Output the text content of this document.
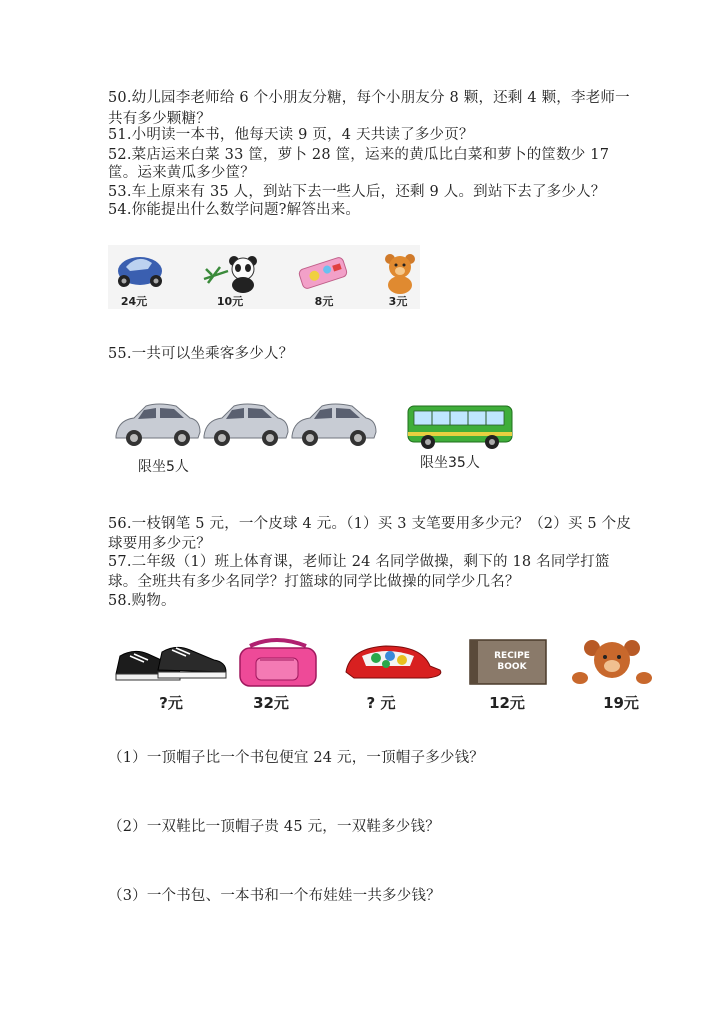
50.幼儿园李老师给 6 个小朋友分糖，每个小朋友分 8 颗，还剩 4 颗，李老师一
共有多少颗糖？
51.小明读一本书，他每天读 9 页，4 天共读了多少页？
52.菜店运来白菜 33 筐，萝卜 28 筐，运来的黄瓜比白菜和萝卜的筐数少 17
筐。运来黄瓜多少筐？
53.车上原来有 35 人，到站下去一些人后，还剩 9 人。到站下去了多少人？
54.你能提出什么数学问题?解答出来。
24元	10元	8元	3元
55.一共可以坐乘客多少人？
限坐5人	限坐35人
56.一枝钢笔 5 元，一个皮球 4 元。（1）买 3 支笔要用多少元？（2）买 5 个皮
球要用多少元？
57.二年级（1）班上体育课，老师让 24 名同学做操，剩下的 18 名同学打篮
球。全班共有多少名同学？打篮球的同学比做操的同学少几名？
58.购物。
RECIPE
BOOK
?元	32元	? 元	12元	19元
（1）一顶帽子比一个书包便宜 24 元，一顶帽子多少钱？
（2）一双鞋比一顶帽子贵 45 元，一双鞋多少钱？
（3）一个书包、一本书和一个布娃娃一共多少钱？
